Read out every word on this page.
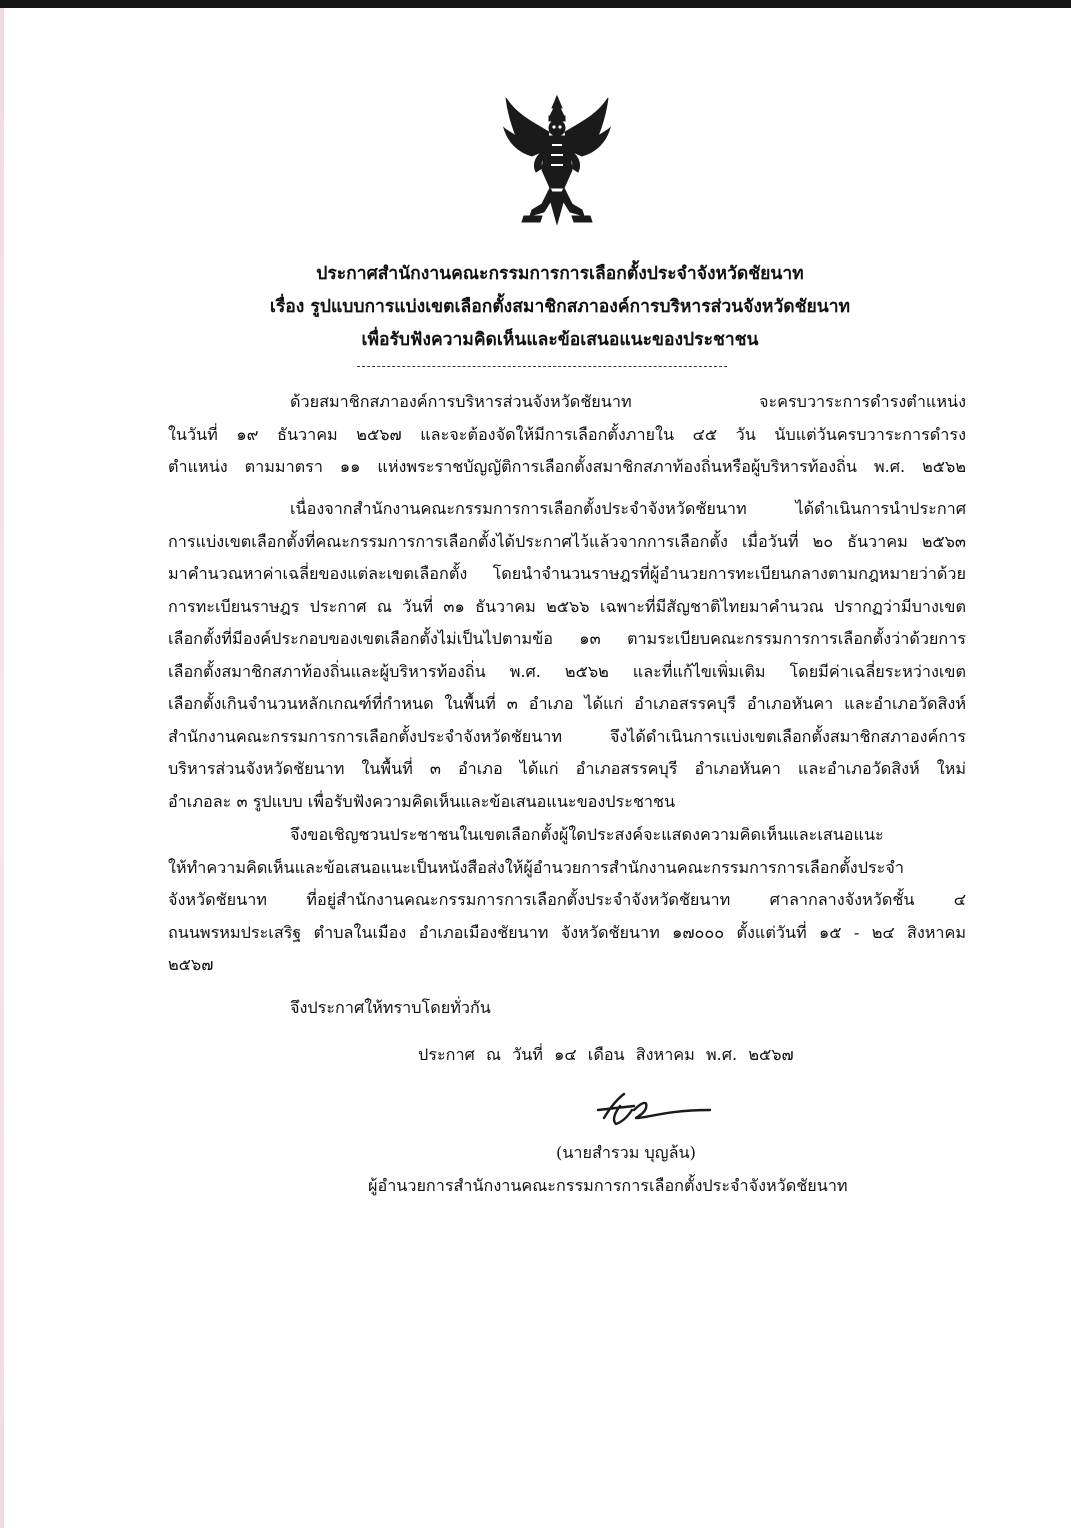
ประกาศสำนักงานคณะกรรมการการเลือกตั้งประจำจังหวัดชัยนาท
เรื่อง รูปแบบการแบ่งเขตเลือกตั้งสมาชิกสภาองค์การบริหารส่วนจังหวัดชัยนาท
เพื่อรับฟังความคิดเห็นและข้อเสนอแนะของประชาชน
ด้วยสมาชิกสภาองค์การบริหารส่วนจังหวัดชัยนาท จะครบวาระการดำรงตำแหน่ง
ในวันที่ ๑๙ ธันวาคม ๒๕๖๗ และจะต้องจัดให้มีการเลือกตั้งภายใน ๔๕ วัน นับแต่วันครบวาระการดำรง
ตำแหน่ง ตามมาตรา ๑๑ แห่งพระราชบัญญัติการเลือกตั้งสมาชิกสภาท้องถิ่นหรือผู้บริหารท้องถิ่น พ.ศ. ๒๕๖๒
เนื่องจากสำนักงานคณะกรรมการการเลือกตั้งประจำจังหวัดชัยนาท ได้ดำเนินการนำประกาศ
การแบ่งเขตเลือกตั้งที่คณะกรรมการการเลือกตั้งได้ประกาศไว้แล้วจากการเลือกตั้ง เมื่อวันที่ ๒๐ ธันวาคม ๒๕๖๓
มาคำนวณหาค่าเฉลี่ยของแต่ละเขตเลือกตั้ง โดยนำจำนวนราษฎรที่ผู้อำนวยการทะเบียนกลางตามกฎหมายว่าด้วย
การทะเบียนราษฎร ประกาศ ณ วันที่ ๓๑ ธันวาคม ๒๕๖๖ เฉพาะที่มีสัญชาติไทยมาคำนวณ ปรากฏว่ามีบางเขต
เลือกตั้งที่มีองค์ประกอบของเขตเลือกตั้งไม่เป็นไปตามข้อ ๑๓ ตามระเบียบคณะกรรมการการเลือกตั้งว่าด้วยการ
เลือกตั้งสมาชิกสภาท้องถิ่นและผู้บริหารท้องถิ่น พ.ศ. ๒๕๖๒ และที่แก้ไขเพิ่มเติม โดยมีค่าเฉลี่ยระหว่างเขต
เลือกตั้งเกินจำนวนหลักเกณฑ์ที่กำหนด ในพื้นที่ ๓ อำเภอ ได้แก่ อำเภอสรรคบุรี อำเภอหันคา และอำเภอวัดสิงห์
สำนักงานคณะกรรมการการเลือกตั้งประจำจังหวัดชัยนาท จึงได้ดำเนินการแบ่งเขตเลือกตั้งสมาชิกสภาองค์การ
บริหารส่วนจังหวัดชัยนาท ในพื้นที่ ๓ อำเภอ ได้แก่ อำเภอสรรคบุรี อำเภอหันคา และอำเภอวัดสิงห์ ใหม่
อำเภอละ ๓ รูปแบบ เพื่อรับฟังความคิดเห็นและข้อเสนอแนะของประชาชน
จึงขอเชิญชวนประชาชนในเขตเลือกตั้งผู้ใดประสงค์จะแสดงความคิดเห็นและเสนอแนะ
ให้ทำความคิดเห็นและข้อเสนอแนะเป็นหนังสือส่งให้ผู้อำนวยการสำนักงานคณะกรรมการการเลือกตั้งประจำ
จังหวัดชัยนาท ที่อยู่สำนักงานคณะกรรมการการเลือกตั้งประจำจังหวัดชัยนาท ศาลากลางจังหวัดชั้น ๔
ถนนพรหมประเสริฐ ตำบลในเมือง อำเภอเมืองชัยนาท จังหวัดชัยนาท ๑๗๐๐๐ ตั้งแต่วันที่ ๑๕ - ๒๔ สิงหาคม
๒๕๖๗
จึงประกาศให้ทราบโดยทั่วกัน
ประกาศ ณ วันที่ ๑๔ เดือน สิงหาคม พ.ศ. ๒๕๖๗
(นายสำรวม บุญล้น)
ผู้อำนวยการสำนักงานคณะกรรมการการเลือกตั้งประจำจังหวัดชัยนาท
